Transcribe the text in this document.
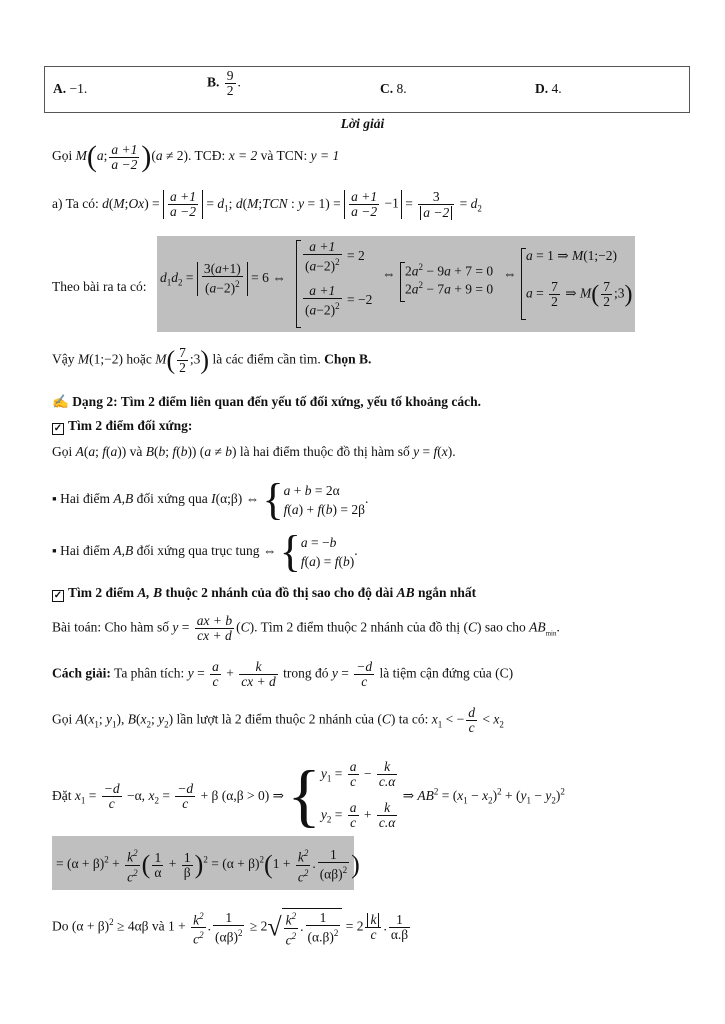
A. −1.	B. $\frac{9}{2}$ .	C. 8.	D. 4.
Lời giải
Gọi M(a; $\frac{a +1}{a -2} )(a \ne 2)$. TCĐ: x = 2 và TCN: y = 1
a) Ta có: d(M;Ox) = $\frac{a +1}{a -2} = d_1$; d(M;TCN : $y = 1) = \frac{a +1}{a -2} -1 = \frac{3}{a -2} = d_2$
Theo bài ra ta có:
$d_1d_2 = \frac{3(a+1)}{(a-2)^2} = 6$ ⇔
$\frac{a +1}{(a-2)^2} = 2$
$\frac{a +1}{(a-2)^2} = -2$
⇔ $2a^2 - 9a + 7 = 0$
$2a^2 - 7a + 9 = 0$
⇔
a = 1 ⇒ M(1;−2)
$a = \frac{7}{2}$ ⇒ $M( \frac{7}{2}$ ;3)
Vậy M(1;−2) hoặc $M( \frac{7}{2}$ ;3) là các điểm cần tìm. Chọn B.
✍ Dạng 2: Tìm 2 điểm liên quan đến yếu tố đối xứng, yếu tố khoảng cách.
✓ Tìm 2 điểm đối xứng:
Gọi A(a; f(a)) và B(b; f(b)) (a ≠ b) là hai điểm thuộc đồ thị hàm số y = f(x).
▪ Hai điểm A,B đối xứng qua I(α;β) ⇔ {a + b = 2α
f(a) + f(b) = 2β.
▪ Hai điểm A,B đối xứng qua trục tung ⇔ {a = −b
f(a) = f(b).
✓ Tìm 2 điểm A, B thuộc 2 nhánh của đồ thị sao cho độ dài AB ngắn nhất
Bài toán: Cho hàm số $y = \frac{ax + b}{cx + d} (C)$. Tìm 2 điểm thuộc 2 nhánh của đồ thị (C) sao cho $AB_{min}$.
Cách giải: Ta phân tích: $y = \frac{a}{c} + \frac{k}{cx + d}$ trong đó $y = \frac{-d}{c}$ là tiệm cận đứng của (C)
Gọi $A(x_1$; $y_1$), $B(x_2$; $y_2$) lần lượt là 2 điểm thuộc 2 nhánh của (C) ta có: $x_1$ < − $\frac{d}{c} < x_2$
Đặt $x_1 = \frac{-d}{c} -\alpha$, $x_2 = \frac{-d}{c} + \beta$ (α,β > 0) ⇒ {$y_1 = \frac{a}{c} - \frac{k}{c.\alpha}$

$y_2 = \frac{a}{c} + \frac{k}{c.\alpha}$
⇒ $AB^2 = (x_1 - x_2)^2 + (y_1 - y_2)^2$
= $(\alpha + \beta)^2 + \frac{k^2}{c^2}$ ( $\frac{1}{\alpha} + \frac{1}{\beta} )^2 = (\alpha + \beta)^2(1 + \frac{k^2}{c^2}$ . $\frac{1}{(\alpha\beta)^2}$ )
Do $(\alpha + \beta)^2 \ge 4\alpha\beta$ và $1 + \frac{k^2}{c^2}$ . $\frac{1}{(\alpha\beta)^2} \ge 2√ \frac{k^2}{c^2}$ . $\frac{1}{(\alpha.\beta)^2} = 2 \frac{k}{c}$ . $\frac{1}{\alpha.\beta}$
